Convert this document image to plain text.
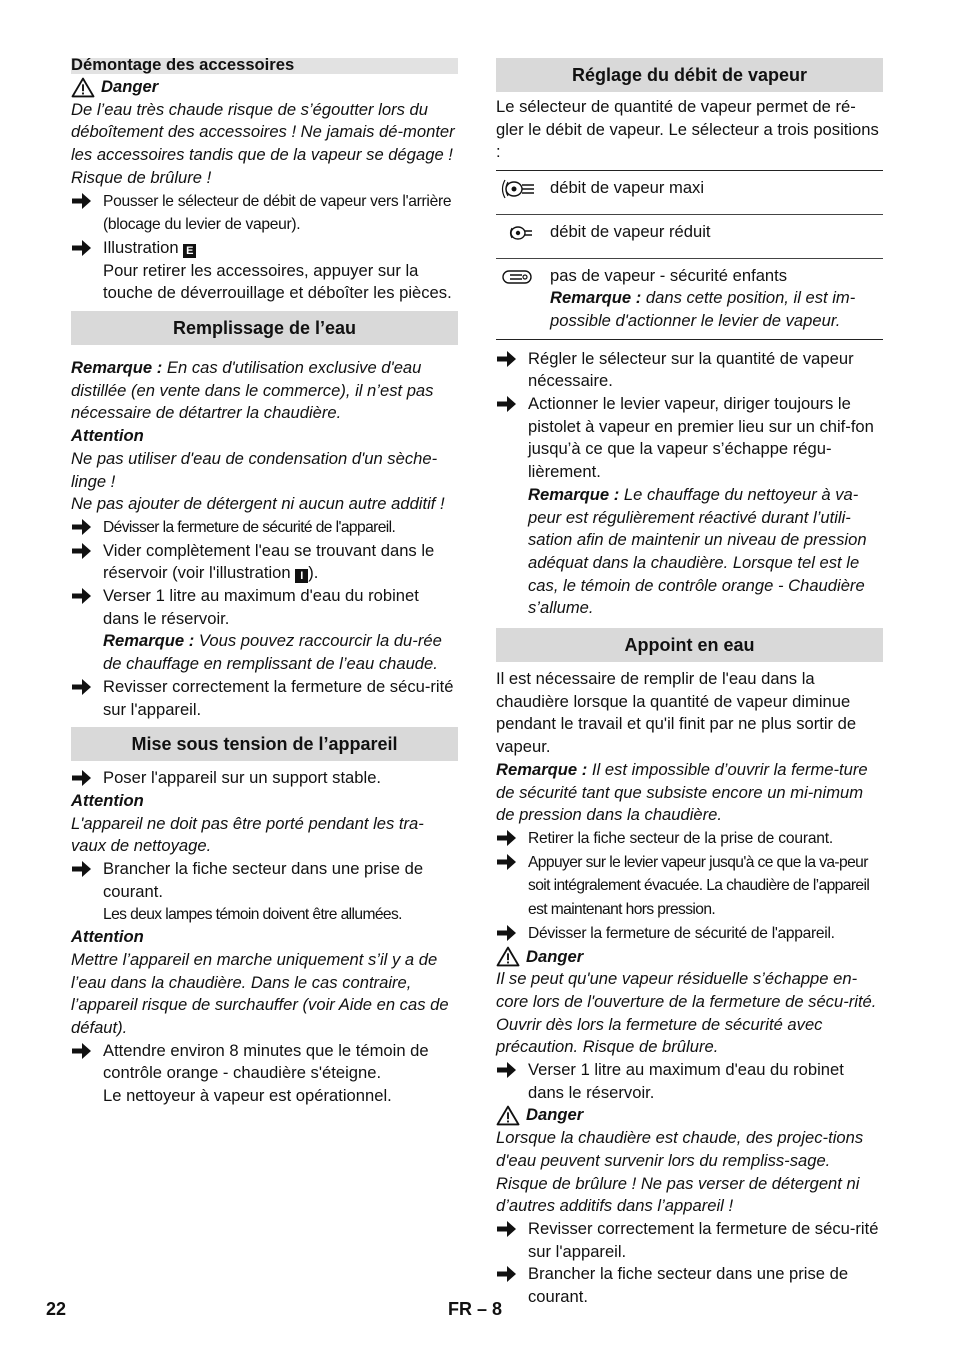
Démontage des accessoires
Danger

De l’eau très chaude risque de s’égoutter lors du déboîtement des accessoires ! Ne jamais dé-monter les accessoires tandis que de la vapeur se dégage ! Risque de brûlure !

Pousser le sélecteur de débit de vapeur vers l'arrière (blocage du levier de vapeur).
Illustration E

Pour retirer les accessoires, appuyer sur la touche de déverrouillage et déboîter les pièces.

Remplissage de l’eau

Remarque : En cas d'utilisation exclusive d'eau distillée (en vente dans le commerce), il n’est pas nécessaire de détartrer la chaudière.

Attention

Ne pas utiliser d'eau de condensation d'un sèche-linge !

Ne pas ajouter de détergent ni aucun autre additif !

Dévisser la fermeture de sécurité de l'appareil.
Vider complètement l'eau se trouvant dans le réservoir (voir l'illustration I ).
Verser 1 litre au maximum d'eau du robinet dans le réservoir.

Remarque : Vous pouvez raccourcir la du-rée de chauffage en remplissant de l’eau chaude.

Revisser correctement la fermeture de sécu-rité sur l'appareil.
Mise sous tension de l’appareil
Poser l'appareil sur un support stable.

Attention

L'appareil ne doit pas être porté pendant les tra-vaux de nettoyage.

Brancher la fiche secteur dans une prise de courant.

Les deux lampes témoin doivent être allumées.

Attention

Mettre l’appareil en marche uniquement s’il y a de l’eau dans la chaudière. Dans le cas contraire, l’appareil risque de surchauffer (voir Aide en cas de défaut).

Attendre environ 8 minutes que le témoin de contrôle orange - chaudière s'éteigne.

Le nettoyeur à vapeur est opérationnel.

Réglage du débit de vapeur

Le sélecteur de quantité de vapeur permet de ré-gler le débit de vapeur. Le sélecteur a trois positions :

	débit de vapeur maxi
	débit de vapeur réduit

pas de vapeur - sécurité enfants
Remarque : dans cette position, il est im-possible d'actionner le levier de vapeur.
Régler le sélecteur sur la quantité de vapeur nécessaire.
Actionner le levier vapeur, diriger toujours le pistolet à vapeur en premier lieu sur un chif-fon jusqu’à ce que la vapeur s’échappe régu-lièrement.

Remarque : Le chauffage du nettoyeur à va-peur est régulièrement réactivé durant l’utili-sation afin de maintenir un niveau de pression adéquat dans la chaudière. Lorsque tel est le cas, le témoin de contrôle orange - Chaudière s’allume.

Appoint en eau

Il est nécessaire de remplir de l'eau dans la chaudière lorsque la quantité de vapeur diminue pendant le travail et qu'il finit par ne plus sortir de vapeur.

Remarque : Il est impossible d’ouvrir la ferme-ture de sécurité tant que subsiste encore un mi-nimum de pression dans la chaudière.

Retirer la fiche secteur de la prise de courant.
Appuyer sur le levier vapeur jusqu'à ce que la va-peur soit intégralement évacuée. La chaudière de l’appareil est maintenant hors pression.
Dévisser la fermeture de sécurité de l'appareil.
Danger

Il se peut qu'une vapeur résiduelle s’échappe en-core lors de l'ouverture de la fermeture de sécu-rité. Ouvrir dès lors la fermeture de sécurité avec précaution. Risque de brûlure.

Verser 1 litre au maximum d'eau du robinet dans le réservoir.
Danger

Lorsque la chaudière est chaude, des projec-tions d'eau peuvent survenir lors du rempliss-sage. Risque de brûlure ! Ne pas verser de détergent ni d’autres additifs dans l’appareil !

Revisser correctement la fermeture de sécu-rité sur l'appareil.
Brancher la fiche secteur dans une prise de courant.
22	FR – 8
